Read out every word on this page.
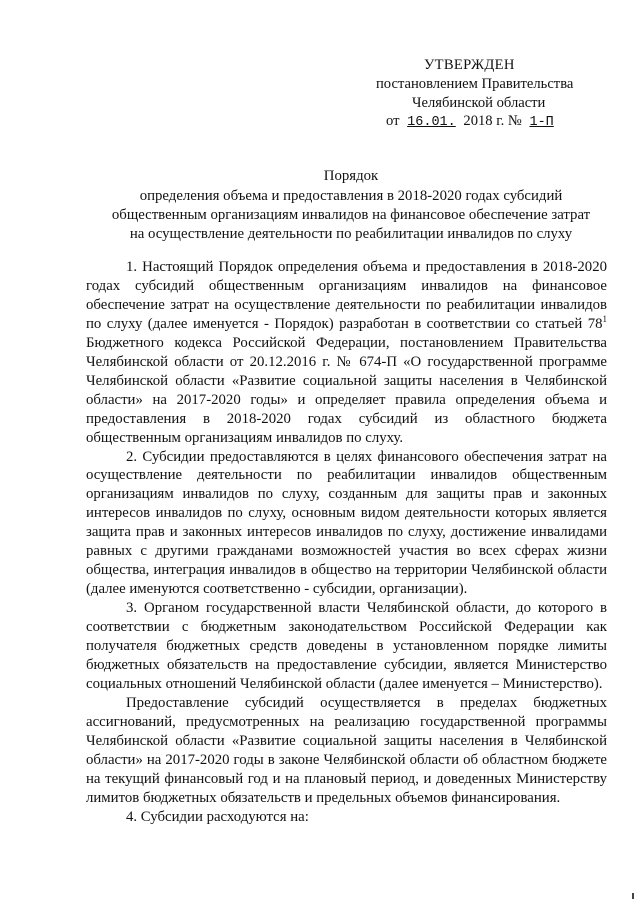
УТВЕРЖДЕН
постановлением Правительства
Челябинской области
от 16.01. 2018 г. № 1-П
Порядок
определения объема и предоставления в 2018-2020 годах субсидий
общественным организациям инвалидов на финансовое обеспечение затрат
на осуществление деятельности по реабилитации инвалидов по слуху

1. Настоящий Порядок определения объема и предоставления в 2018-2020 годах субсидий общественным организациям инвалидов на финансовое обеспечение затрат на осуществление деятельности по реабилитации инвалидов по слуху (далее именуется - Порядок) разработан в соответствии со статьей $78^1$ Бюджетного кодекса Российской Федерации, постановлением Правительства Челябинской области от 20.12.2016 г. № 674-П «О государственной программе Челябинской области «Развитие социальной защиты населения в Челябинской области» на 2017-2020 годы» и определяет правила определения объема и предоставления в 2018-2020 годах субсидий из областного бюджета общественным организациям инвалидов по слуху.

2. Субсидии предоставляются в целях финансового обеспечения затрат на осуществление деятельности по реабилитации инвалидов общественным организациям инвалидов по слуху, созданным для защиты прав и законных интересов инвалидов по слуху, основным видом деятельности которых является защита прав и законных интересов инвалидов по слуху, достижение инвалидами равных с другими гражданами возможностей участия во всех сферах жизни общества, интеграция инвалидов в общество на территории Челябинской области (далее именуются соответственно - субсидии, организации).

3. Органом государственной власти Челябинской области, до которого в соответствии с бюджетным законодательством Российской Федерации как получателя бюджетных средств доведены в установленном порядке лимиты бюджетных обязательств на предоставление субсидии, является Министерство социальных отношений Челябинской области (далее именуется – Министерство).

Предоставление субсидий осуществляется в пределах бюджетных ассигнований, предусмотренных на реализацию государственной программы Челябинской области «Развитие социальной защиты населения в Челябинской области» на 2017-2020 годы в законе Челябинской области об областном бюджете на текущий финансовый год и на плановый период, и доведенных Министерству лимитов бюджетных обязательств и предельных объемов финансирования.

4. Субсидии расходуются на:
